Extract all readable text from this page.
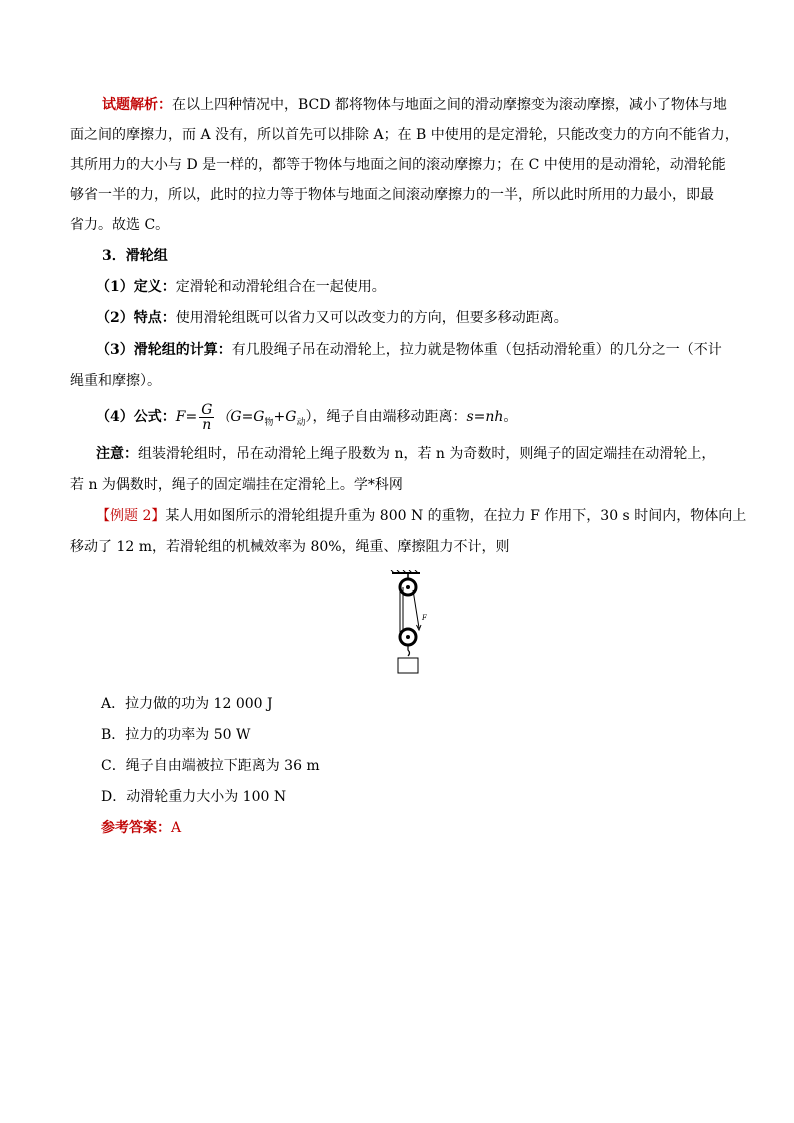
试题解析：在以上四种情况中，BCD 都将物体与地面之间的滑动摩擦变为滚动摩擦，减小了物体与地
面之间的摩擦力，而 A 没有，所以首先可以排除 A；在 B 中使用的是定滑轮，只能改变力的方向不能省力，
其所用力的大小与 D 是一样的，都等于物体与地面之间的滚动摩擦力；在 C 中使用的是动滑轮，动滑轮能
够省一半的力，所以，此时的拉力等于物体与地面之间滚动摩擦力的一半，所以此时所用的力最小，即最
省力。故选 C。
3．滑轮组
（1）定义：定滑轮和动滑轮组合在一起使用。
（2）特点：使用滑轮组既可以省力又可以改变力的方向，但要多移动距离。
（3）滑轮组的计算：有几股绳子吊在动滑轮上，拉力就是物体重（包括动滑轮重）的几分之一（不计
绳重和摩擦）。
（4）公式：$F= \frac{G}{n} (G=G_物+G_动)$，绳子自由端移动距离：s=nh。
注意：组装滑轮组时，吊在动滑轮上绳子股数为 n，若 n 为奇数时，则绳子的固定端挂在动滑轮上，
若 n 为偶数时，绳子的固定端挂在定滑轮上。学*科网
【例题 2】某人用如图所示的滑轮组提升重为 800 N 的重物，在拉力 F 作用下，30 s 时间内，物体向上
移动了 12 m，若滑轮组的机械效率为 80%，绳重、摩擦阻力不计，则
F
A．拉力做的功为 12 000 J
B．拉力的功率为 50 W
C．绳子自由端被拉下距离为 36 m
D．动滑轮重力大小为 100 N
参考答案：A
